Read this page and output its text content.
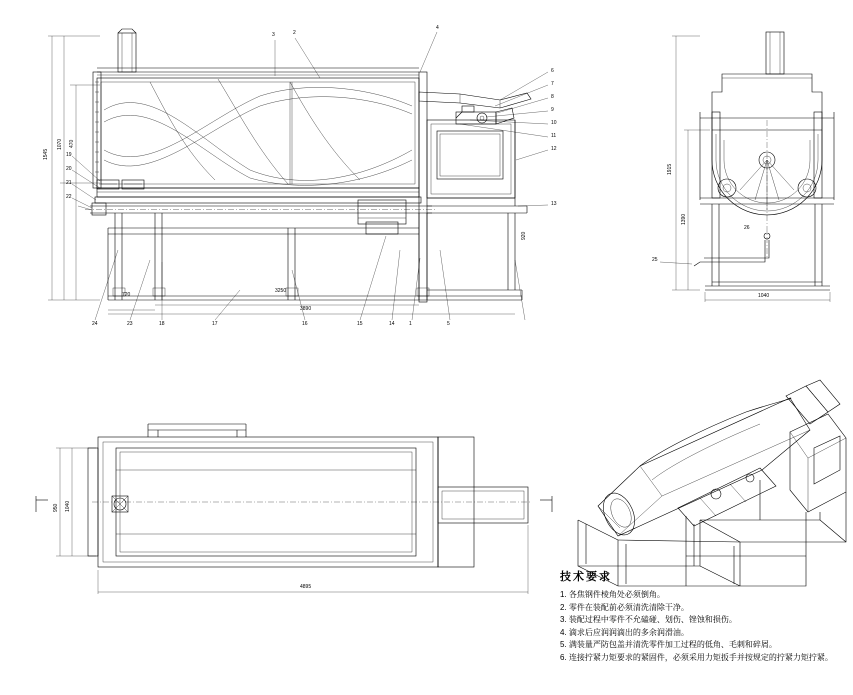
1545
1070 470
720
3250
3890
920
3	2
4
6
7
8
9
10
11
12
13
19
20
21
22
24	23	18	17	16	15	14	1	5
1915
1390
1040
25
26
950 1040
4895
技术要求
1. 各焦钢件棱角处必须倒角。
2. 零件在装配前必须清洗清除干净。
3. 装配过程中零件不允磕碰、划伤、锉蚀和损伤。
4. 滴求后应润润滴出的多余润滑油。
5. 满装量严防包盖并清洗零件加工过程的低角、毛刺和碎屑。
6. 连接拧紧力矩要求的紧固件，必须采用力矩扳手并按规定的拧紧力矩拧紧。
